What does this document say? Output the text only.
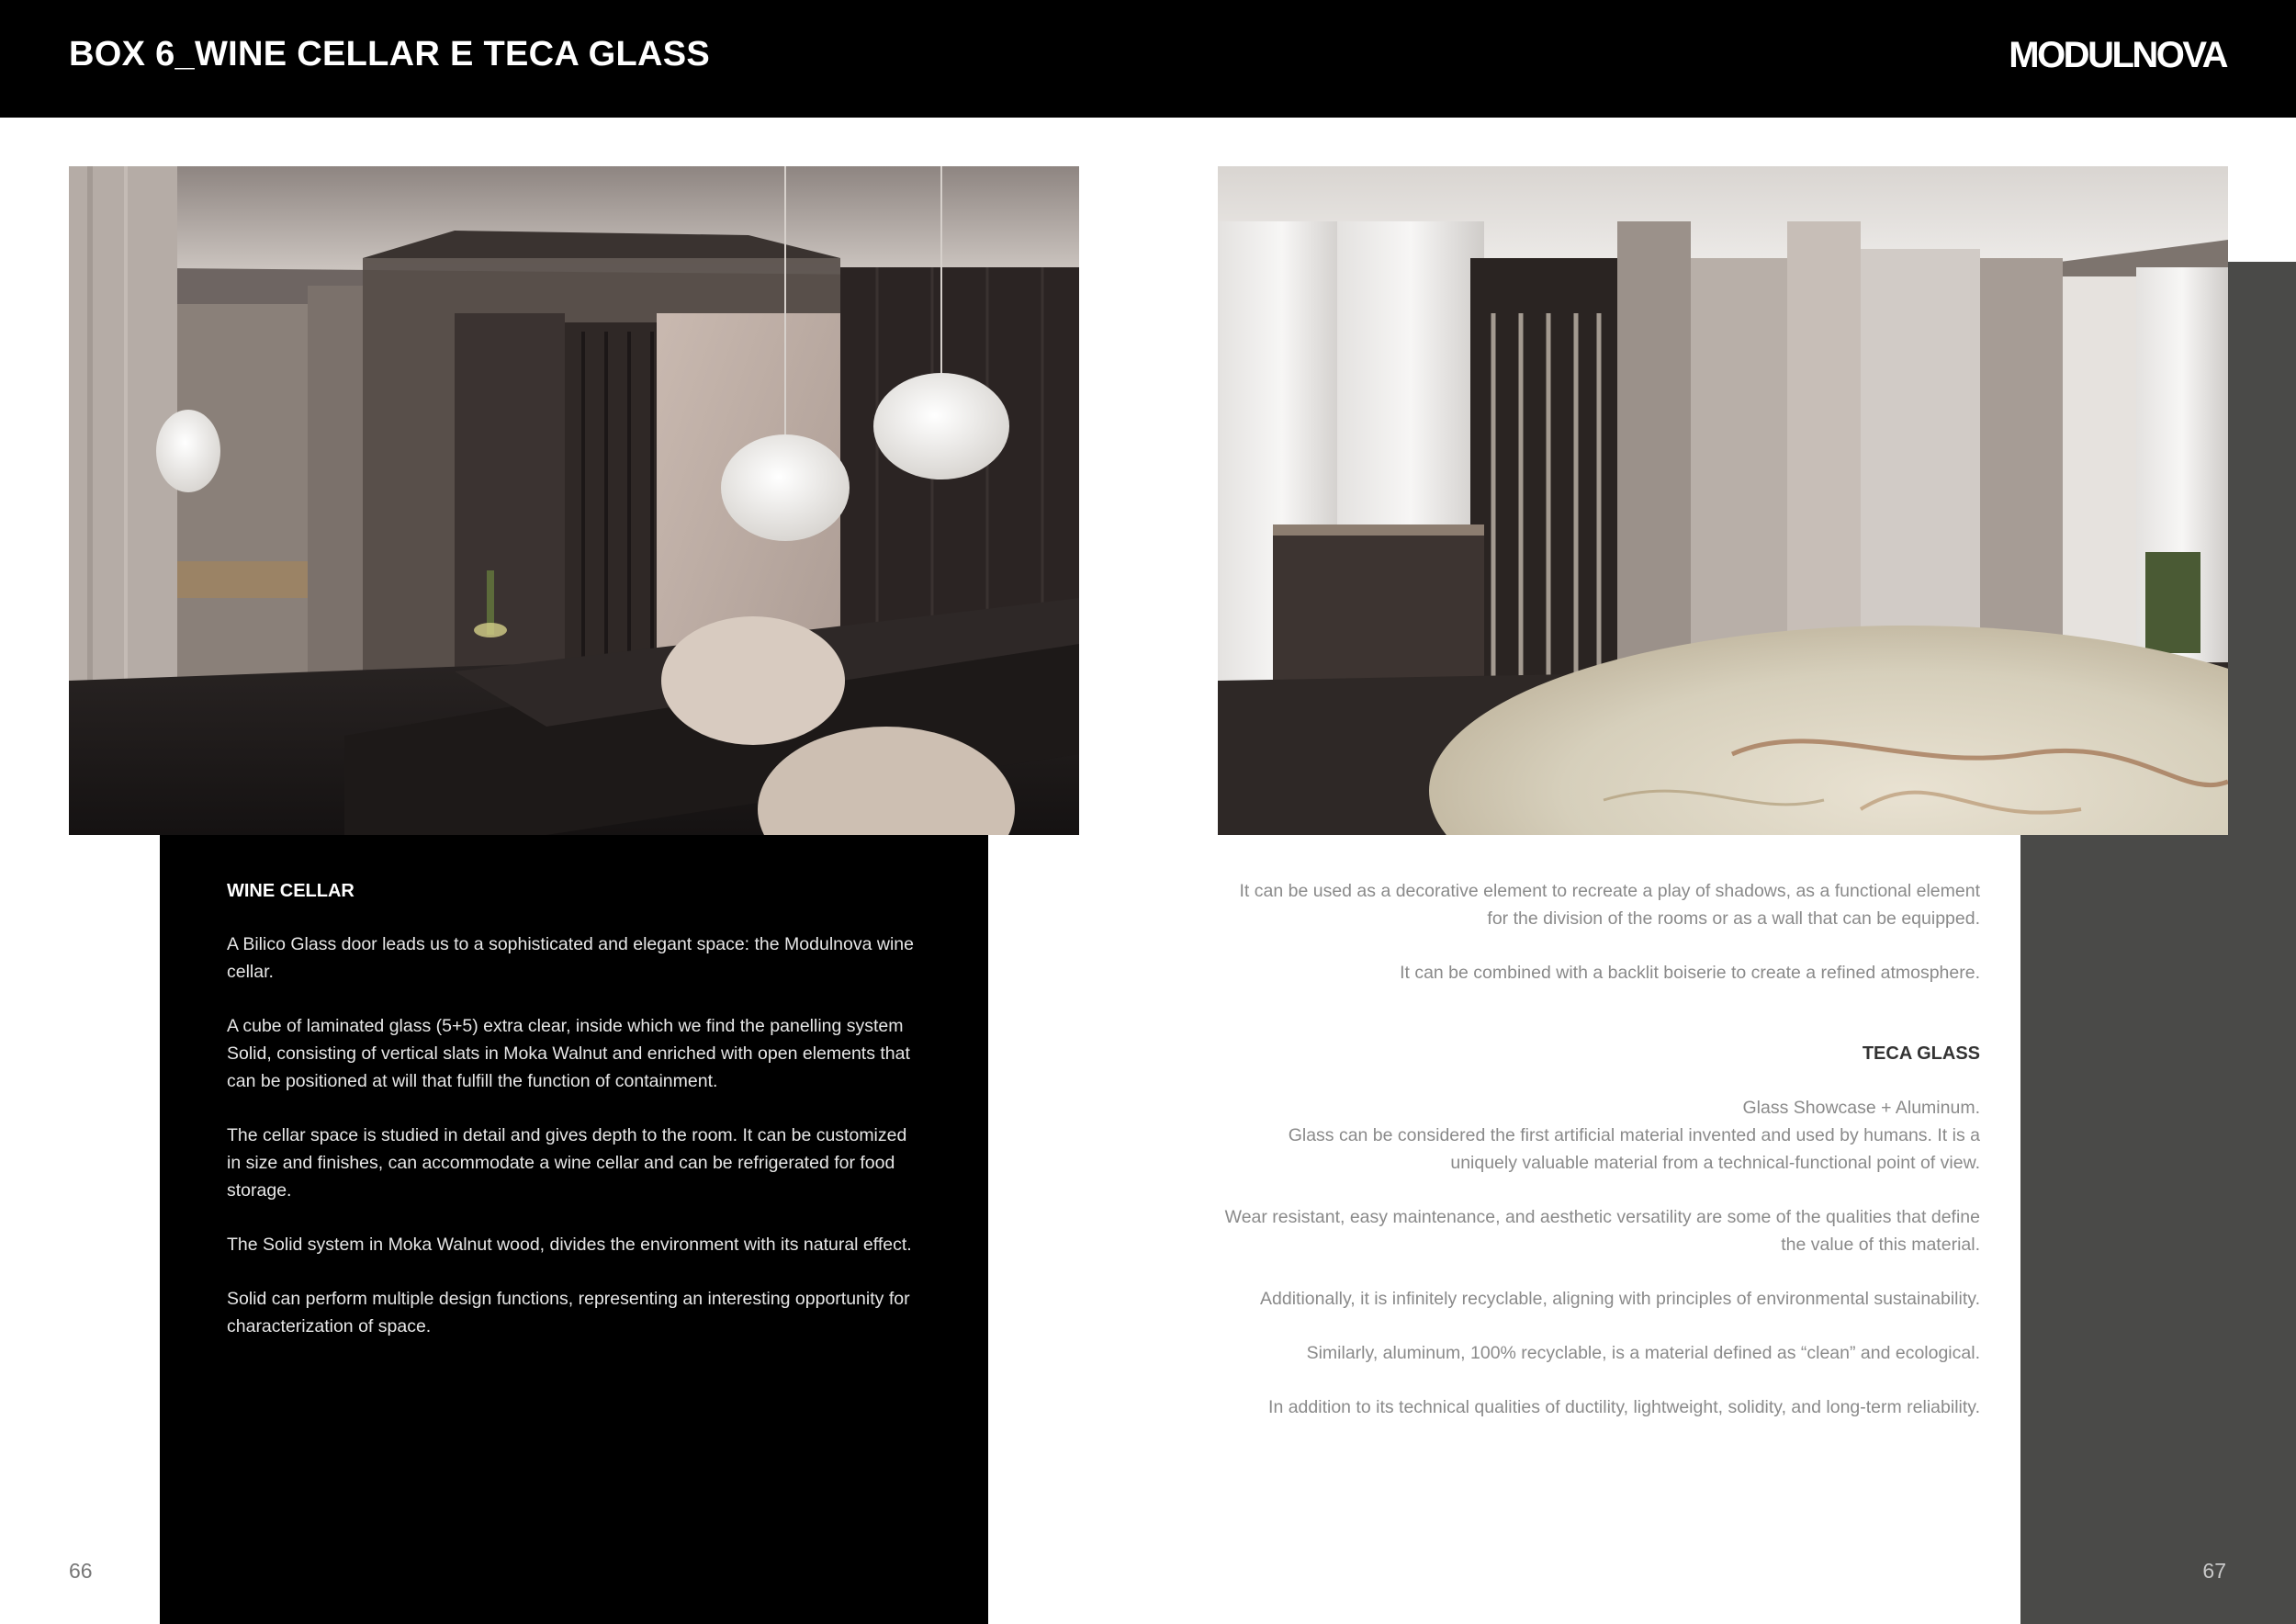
BOX 6_WINE CELLAR E TECA GLASS	MODULNOVA
WINE CELLAR

A Bilico Glass door leads us to a sophisticated and elegant space: the Modulnova wine cellar.

A cube of laminated glass (5+5) extra clear, inside which we find the panelling system Solid, consisting of vertical slats in Moka Walnut and enriched with open elements that can be positioned at will that fulfill the function of containment.

The cellar space is studied in detail and gives depth to the room. It can be customized in size and finishes, can accommodate a wine cellar and can be refrigerated for food storage.

The Solid system in Moka Walnut wood, divides the environment with its natural effect.

Solid can perform multiple design functions, representing an interesting opportunity for characterization of space.

It can be used as a decorative element to recreate a play of shadows, as a functional element for the division of the rooms or as a wall that can be equipped.

It can be combined with a backlit boiserie to create a refined atmosphere.

TECA GLASS

Glass Showcase + Aluminum.
Glass can be considered the first artificial material invented and used by humans. It is a uniquely valuable material from a technical-functional point of view.

Wear resistant, easy maintenance, and aesthetic versatility are some of the qualities that define the value of this material.

Additionally, it is infinitely recyclable, aligning with principles of environmental sustainability.

Similarly, aluminum, 100% recyclable, is a material defined as “clean” and ecological.

In addition to its technical qualities of ductility, lightweight, solidity, and long-term reliability.

66	67
